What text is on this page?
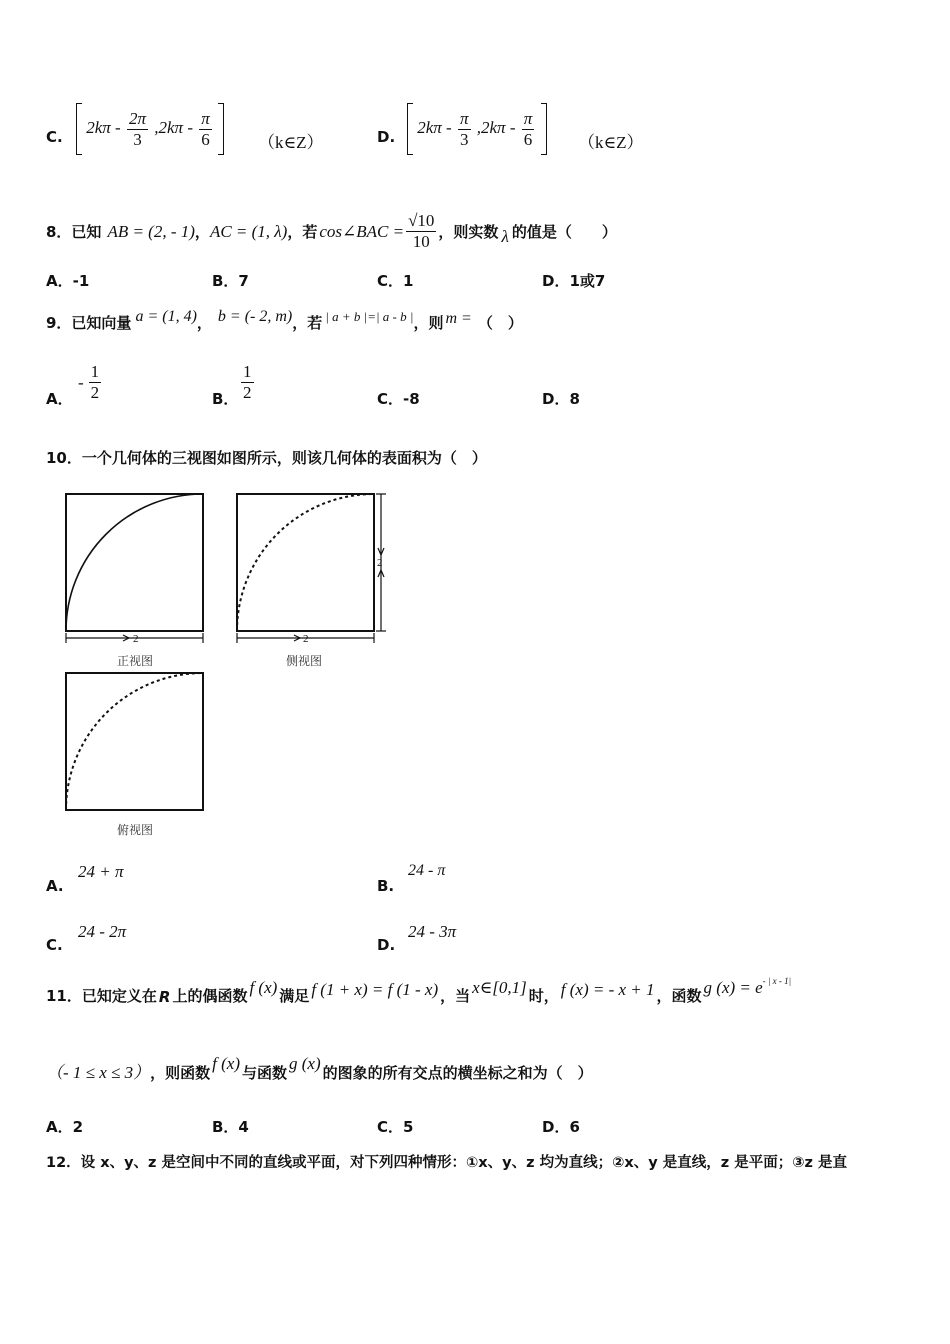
C.
$2k\pi - \frac{2\pi}{3} ,2k\pi - \frac{\pi}{6}$
	（k∈Z）	D.
$2k\pi - \frac{\pi}{3} ,2k\pi - \frac{\pi}{6}$
	（k∈Z）
8．已知 AB = (2, - 1) ， AC = (1, λ) ，若 cos∠BAC = $\frac{√10}{10}$ ，则实数 λ 的值是（　　）
A．-1	B．7	C．1	D．1或7
9．已知向量 a = (1, 4) ， b = (- 2, m) ，若 | a + b |=| a - b | ，则 m = （　）
A．
- $\frac{1}{2}$	B． $\frac{1}{2}$	C．-8	D．8
10．一个几何体的三视图如图所示，则该几何体的表面积为（　）
2	2
2
正视图	侧视图
俯视图
A.
24 + π
B.
24 - π
C.
24 - 2π
D.
24 - 3π
11．已知定义在 R 上的偶函数 f (x) 满足 f (1 + x) = f (1 - x) ，当 x∈[0,1] 时， f (x) = - x + 1 ，函数 g (x) = e - | x - 1|
（- 1 ≤ x ≤ 3） ，则函数 f (x) 与函数 g (x) 的图象的所有交点的横坐标之和为（　）
A．2	B．4	C．5	D．6
12．设 x、y、z 是空间中不同的直线或平面，对下列四种情形：①x、y、z 均为直线；②x、y 是直线，z 是平面；③z 是直
